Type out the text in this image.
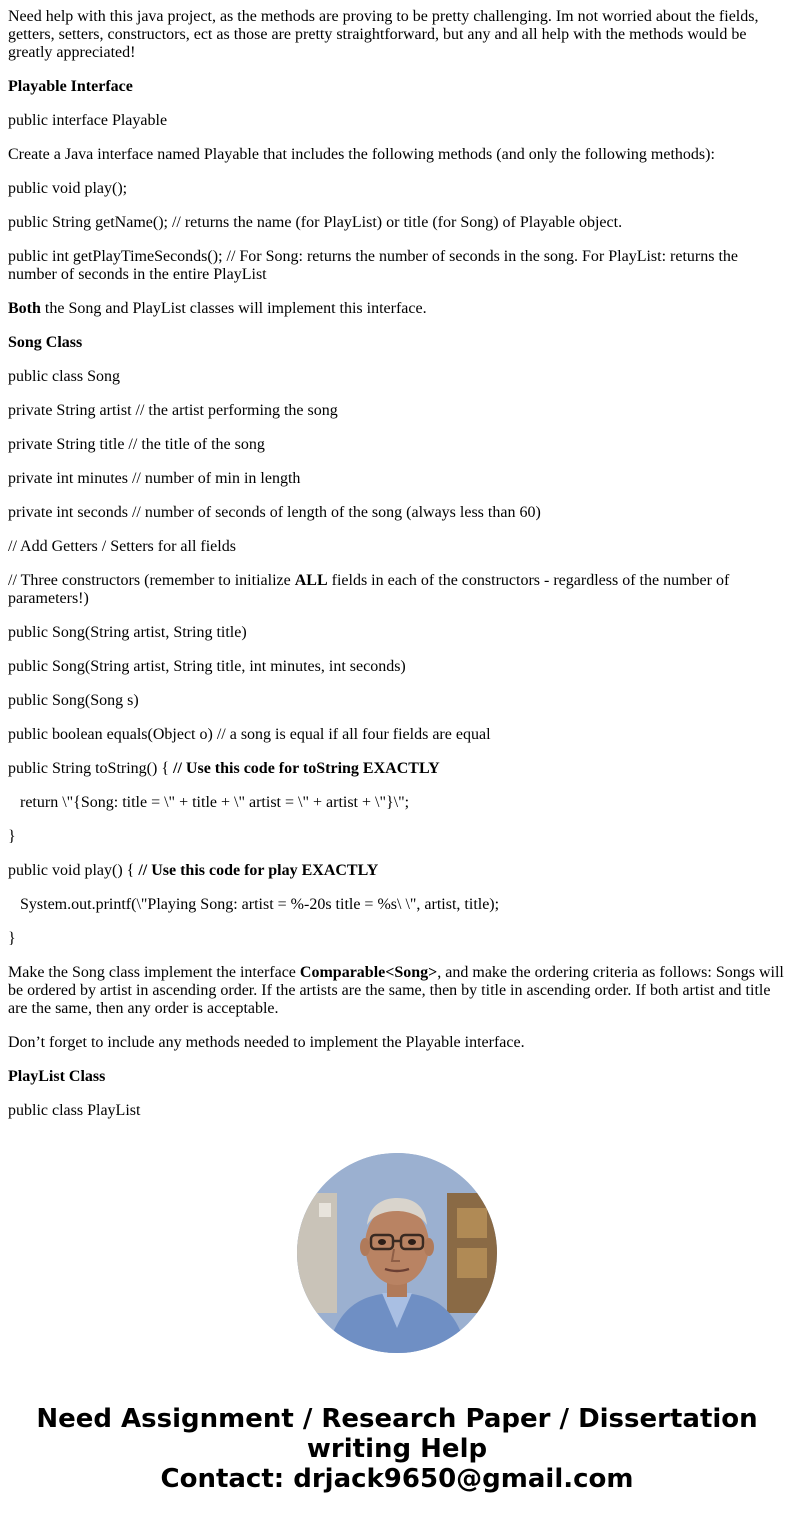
Need help with this java project, as the methods are proving to be pretty challenging. Im not worried about the fields, getters, setters, constructors, ect as those are pretty straightforward, but any and all help with the methods would be greatly appreciated!

Playable Interface

public interface Playable

Create a Java interface named Playable that includes the following methods (and only the following methods):

public void play();

public String getName(); // returns the name (for PlayList) or title (for Song) of Playable object.

public int getPlayTimeSeconds(); // For Song: returns the number of seconds in the song. For PlayList: returns the number of seconds in the entire PlayList

Both the Song and PlayList classes will implement this interface.

Song Class

public class Song

private String artist // the artist performing the song

private String title // the title of the song

private int minutes // number of min in length

private int seconds // number of seconds of length of the song (always less than 60)

// Add Getters / Setters for all fields

// Three constructors (remember to initialize ALL fields in each of the constructors - regardless of the number of parameters!)

public Song(String artist, String title)

public Song(String artist, String title, int minutes, int seconds)

public Song(Song s)

public boolean equals(Object o) // a song is equal if all four fields are equal

public String toString() { // Use this code for toString EXACTLY

return \"{Song: title = \" + title + \" artist = \" + artist + \"}\";

}

public void play() { // Use this code for play EXACTLY

System.out.printf(\"Playing Song: artist = %-20s title = %s\ \", artist, title);

}

Make the Song class implement the interface Comparable<Song>, and make the ordering criteria as follows: Songs will be ordered by artist in ascending order. If the artists are the same, then by title in ascending order. If both artist and title are the same, then any order is acceptable.

Don’t forget to include any methods needed to implement the Playable interface.

PlayList Class

public class PlayList

Need Assignment / Research Paper / Dissertation
writing Help
Contact: drjack9650@gmail.com
